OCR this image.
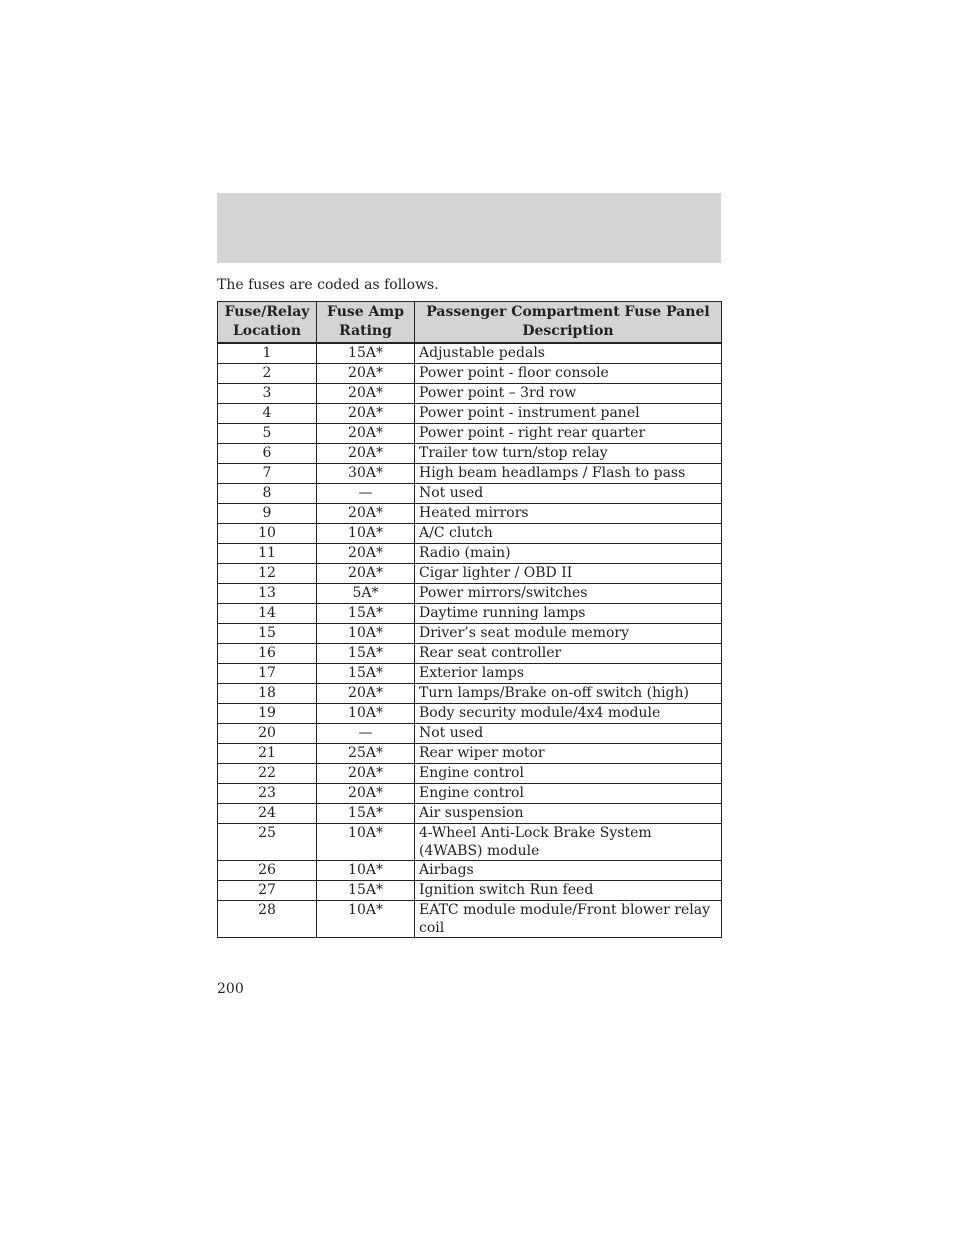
The fuses are coded as follows.
Fuse/Relay Location	Fuse Amp Rating	Passenger Compartment Fuse Panel Description
1	15A*	Adjustable pedals
2	20A*	Power point - floor console
3	20A*	Power point – 3rd row
4	20A*	Power point - instrument panel
5	20A*	Power point - right rear quarter
6	20A*	Trailer tow turn/stop relay
7	30A*	High beam headlamps / Flash to pass
8	—	Not used
9	20A*	Heated mirrors
10	10A*	A/C clutch
11	20A*	Radio (main)
12	20A*	Cigar lighter / OBD II
13	5A*	Power mirrors/switches
14	15A*	Daytime running lamps
15	10A*	Driver’s seat module memory
16	15A*	Rear seat controller
17	15A*	Exterior lamps
18	20A*	Turn lamps/Brake on-off switch (high)
19	10A*	Body security module/4x4 module
20	—	Not used
21	25A*	Rear wiper motor
22	20A*	Engine control
23	20A*	Engine control
24	15A*	Air suspension
25	10A*	4-Wheel Anti-Lock Brake System (4WABS) module
26	10A*	Airbags
27	15A*	Ignition switch Run feed
28	10A*	EATC module module/Front blower relay coil
200
